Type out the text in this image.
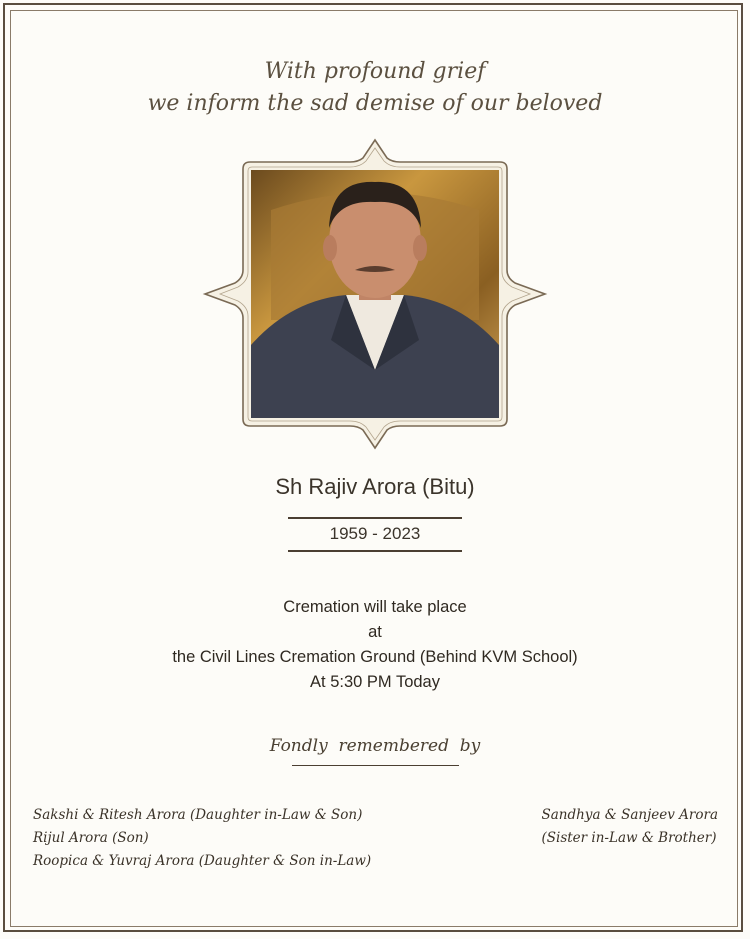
With profound grief
we inform the sad demise of our beloved
Sh Rajiv Arora (Bitu)
1959 - 2023
Cremation will take place
at
the Civil Lines Cremation Ground (Behind KVM School)
At 5:30 PM Today
Fondly  remembered  by
Sakshi & Ritesh Arora (Daughter in-Law & Son)
Rijul Arora (Son)
Roopica & Yuvraj Arora (Daughter & Son in-Law)
Sandhya & Sanjeev Arora
(Sister in-Law & Brother)
